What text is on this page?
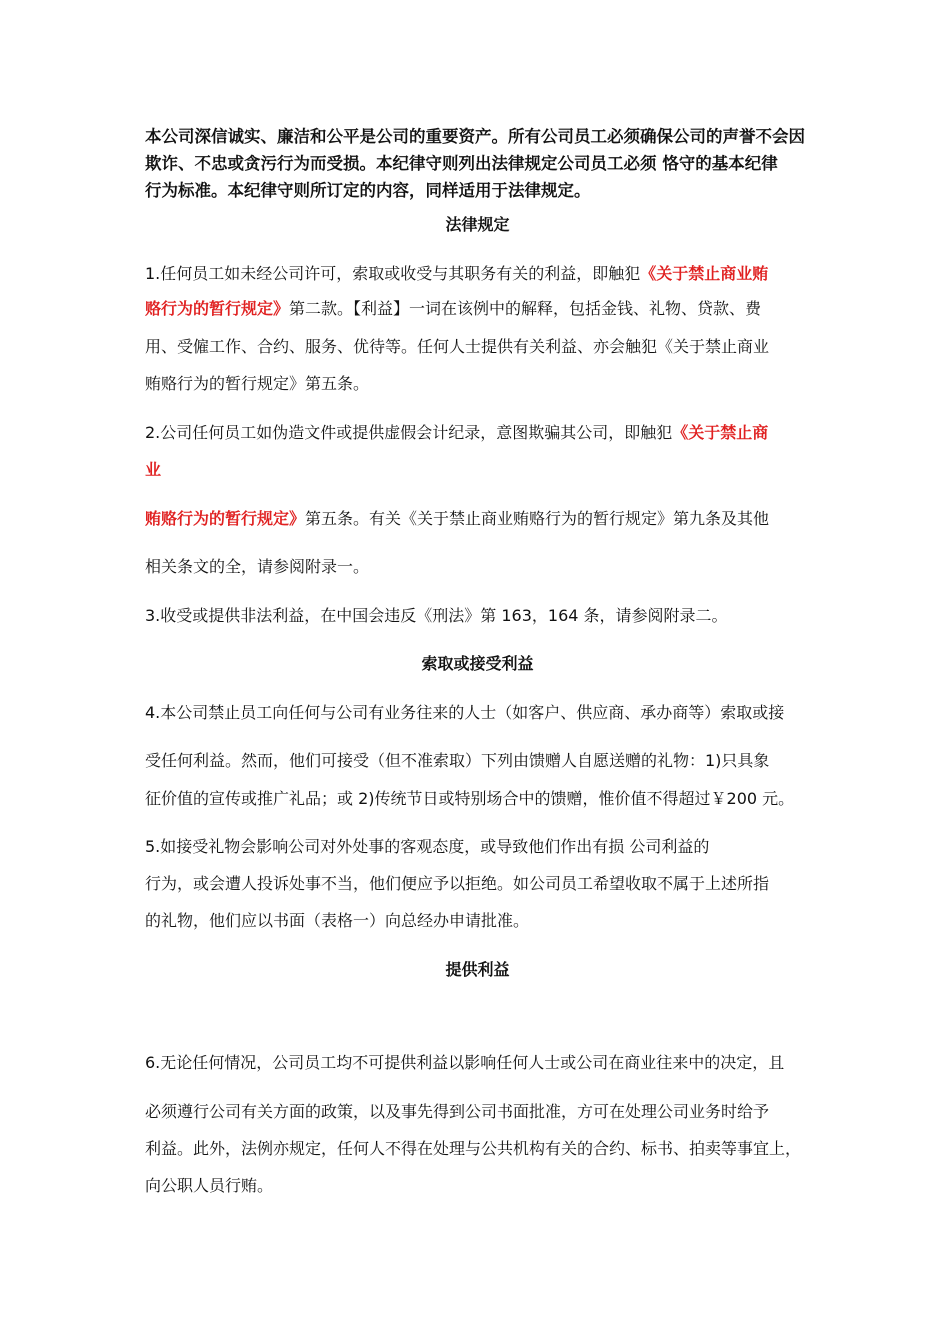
本公司深信诚实、廉洁和公平是公司的重要资产。所有公司员工必须确保公司的声誉不会因
欺诈、不忠或贪污行为而受损。本纪律守则列出法律规定公司员工必须 恪守的基本纪律
行为标准。本纪律守则所订定的内容，同样适用于法律规定。
法律规定
1.任何员工如未经公司许可，索取或收受与其职务有关的利益，即触犯《关于禁止商业贿
赂行为的暂行规定》第二款。【利益】一词在该例中的解释，包括金钱、礼物、贷款、费
用、受僱工作、合约、服务、优待等。任何人士提供有关利益、亦会触犯《关于禁止商业
贿赂行为的暂行规定》第五条。
2.公司任何员工如伪造文件或提供虚假会计纪录，意图欺骗其公司，即触犯《关于禁止商
业
贿赂行为的暂行规定》第五条。有关《关于禁止商业贿赂行为的暂行规定》第九条及其他
相关条文的全，请参阅附录一。
3.收受或提供非法利益，在中国会违反《刑法》第 163，164 条，请参阅附录二。
索取或接受利益
4.本公司禁止员工向任何与公司有业务往来的人士（如客户、供应商、承办商等）索取或接
受任何利益。然而，他们可接受（但不准索取）下列由馈赠人自愿送赠的礼物：1)只具象
征价值的宣传或推广礼品；或 2)传统节日或特别场合中的馈赠，惟价值不得超过￥200 元。
5.如接受礼物会影响公司对外处事的客观态度，或导致他们作出有损 公司利益的
行为，或会遭人投诉处事不当，他们便应予以拒绝。如公司员工希望收取不属于上述所指
的礼物，他们应以书面（表格一）向总经办申请批准。
提供利益
6.无论任何情况，公司员工均不可提供利益以影响任何人士或公司在商业往来中的决定，且
必须遵行公司有关方面的政策，以及事先得到公司书面批准，方可在处理公司业务时给予
利益。此外，法例亦规定，任何人不得在处理与公共机构有关的合约、标书、拍卖等事宜上，
向公职人员行贿。
